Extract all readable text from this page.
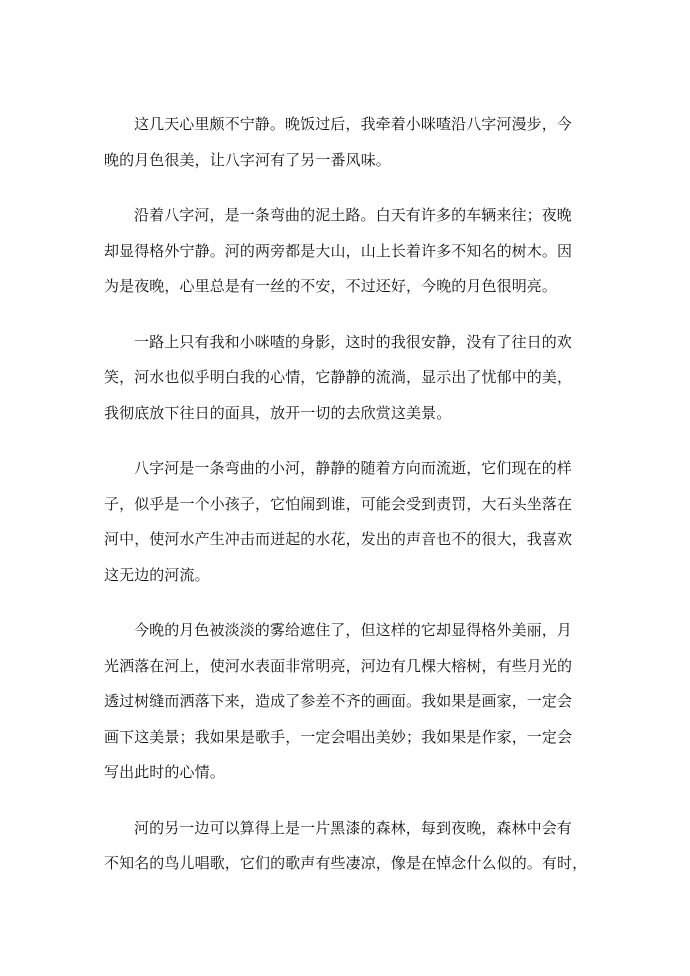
这几天心里颇不宁静。晚饭过后，我牵着小咪喳沿八字河漫步，今
晚的月色很美，让八字河有了另一番风味。
沿着八字河，是一条弯曲的泥土路。白天有许多的车辆来往；夜晚
却显得格外宁静。河的两旁都是大山，山上长着许多不知名的树木。因
为是夜晚，心里总是有一丝的不安，不过还好，今晚的月色很明亮。
一路上只有我和小咪喳的身影，这时的我很安静，没有了往日的欢
笑，河水也似乎明白我的心情，它静静的流淌，显示出了忧郁中的美，
我彻底放下往日的面具，放开一切的去欣赏这美景。
八字河是一条弯曲的小河，静静的随着方向而流逝，它们现在的样
子，似乎是一个小孩子，它怕闹到谁，可能会受到责罚，大石头坐落在
河中，使河水产生冲击而迸起的水花，发出的声音也不的很大，我喜欢
这无边的河流。
今晚的月色被淡淡的雾给遮住了，但这样的它却显得格外美丽，月
光洒落在河上，使河水表面非常明亮，河边有几棵大榕树，有些月光的
透过树缝而洒落下来，造成了参差不齐的画面。我如果是画家，一定会
画下这美景；我如果是歌手，一定会唱出美妙；我如果是作家，一定会
写出此时的心情。
河的另一边可以算得上是一片黑漆的森林，每到夜晚，森林中会有
不知名的鸟儿唱歌，它们的歌声有些凄凉，像是在悼念什么似的。有时，
